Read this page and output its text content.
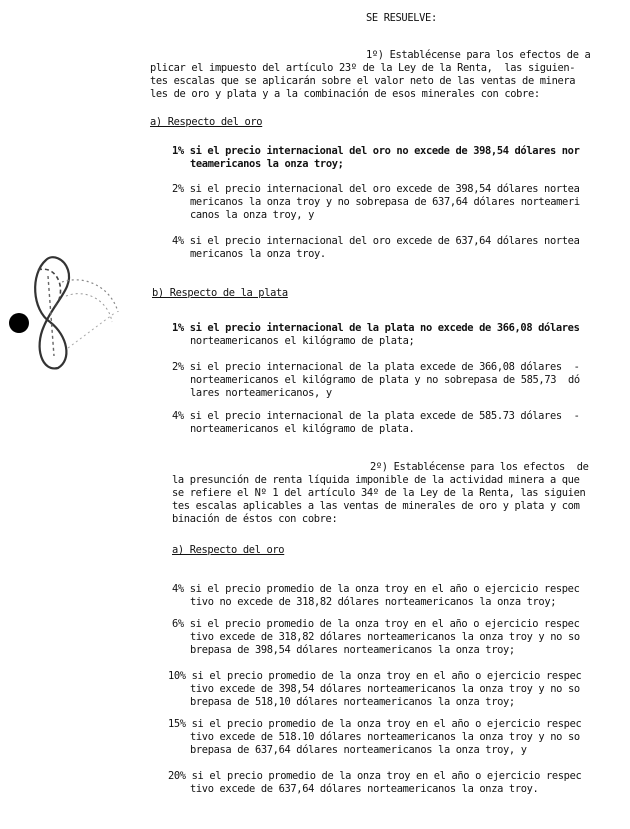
SE RESUELVE:
1º) Establécense para los efectos de a
plicar el impuesto del artículo 23º de la Ley de la Renta,  las siguien-
tes escalas que se aplicarán sobre el valor neto de las ventas de minera
les de oro y plata y a la combinación de esos minerales con cobre:
a) Respecto del oro
1% si el precio internacional del oro no excede de 398,54 dólares nor
teamericanos la onza troy;
2% si el precio internacional del oro excede de 398,54 dólares nortea
mericanos la onza troy y no sobrepasa de 637,64 dólares norteameri
canos la onza troy, y
4% si el precio internacional del oro excede de 637,64 dólares nortea
mericanos la onza troy.
b) Respecto de la plata
1% si el precio internacional de la plata no excede de 366,08 dólares
norteamericanos el kilógramo de plata;
2% si el precio internacional de la plata excede de 366,08 dólares  -
norteamericanos el kilógramo de plata y no sobrepasa de 585,73  dó
lares norteamericanos, y
4% si el precio internacional de la plata excede de 585.73 dólares  -
norteamericanos el kilógramo de plata.
2º) Establécense para los efectos  de
la presunción de renta líquida imponible de la actividad minera a que
se refiere el Nº 1 del artículo 34º de la Ley de la Renta, las siguien
tes escalas aplicables a las ventas de minerales de oro y plata y com
binación de éstos con cobre:
a) Respecto del oro
4% si el precio promedio de la onza troy en el año o ejercicio respec
tivo no excede de 318,82 dólares norteamericanos la onza troy;
6% si el precio promedio de la onza troy en el año o ejercicio respec
tivo excede de 318,82 dólares norteamericanos la onza troy y no so
brepasa de 398,54 dólares norteamericanos la onza troy;
10% si el precio promedio de la onza troy en el año o ejercicio respec
tivo excede de 398,54 dólares norteamericanos la onza troy y no so
brepasa de 518,10 dólares norteamericanos la onza troy;
15% si el precio promedio de la onza troy en el año o ejercicio respec
tivo excede de 518.10 dólares norteamericanos la onza troy y no so
brepasa de 637,64 dólares norteamericanos la onza troy, y
20% si el precio promedio de la onza troy en el año o ejercicio respec
tivo excede de 637,64 dólares norteamericanos la onza troy.
